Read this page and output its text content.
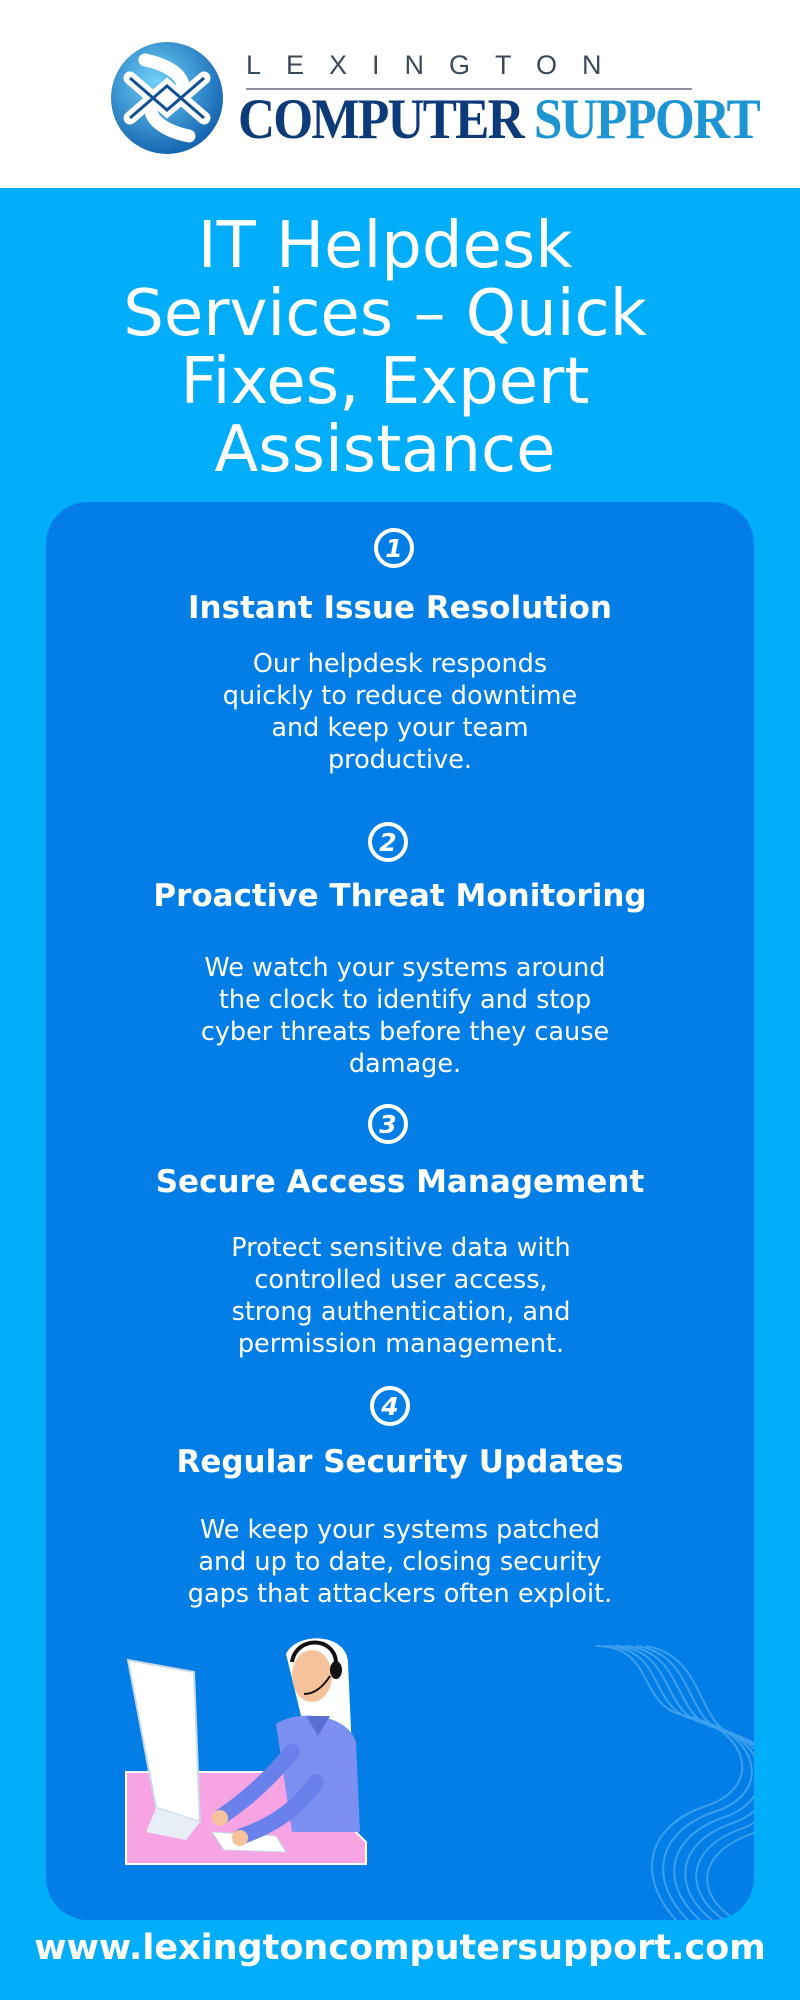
LEXINGTON
COMPUTER SUPPORT
IT Helpdesk Services – Quick Fixes, Expert Assistance
1
Instant Issue Resolution
Our helpdesk responds quickly to reduce downtime and keep your team productive.
2
Proactive Threat Monitoring
We watch your systems around the clock to identify and stop cyber threats before they cause damage.
3
Secure Access Management
Protect sensitive data with controlled user access, strong authentication, and permission management.
4
Regular Security Updates
We keep your systems patched and up to date, closing security gaps that attackers often exploit.
www.lexingtoncomputersupport.com
